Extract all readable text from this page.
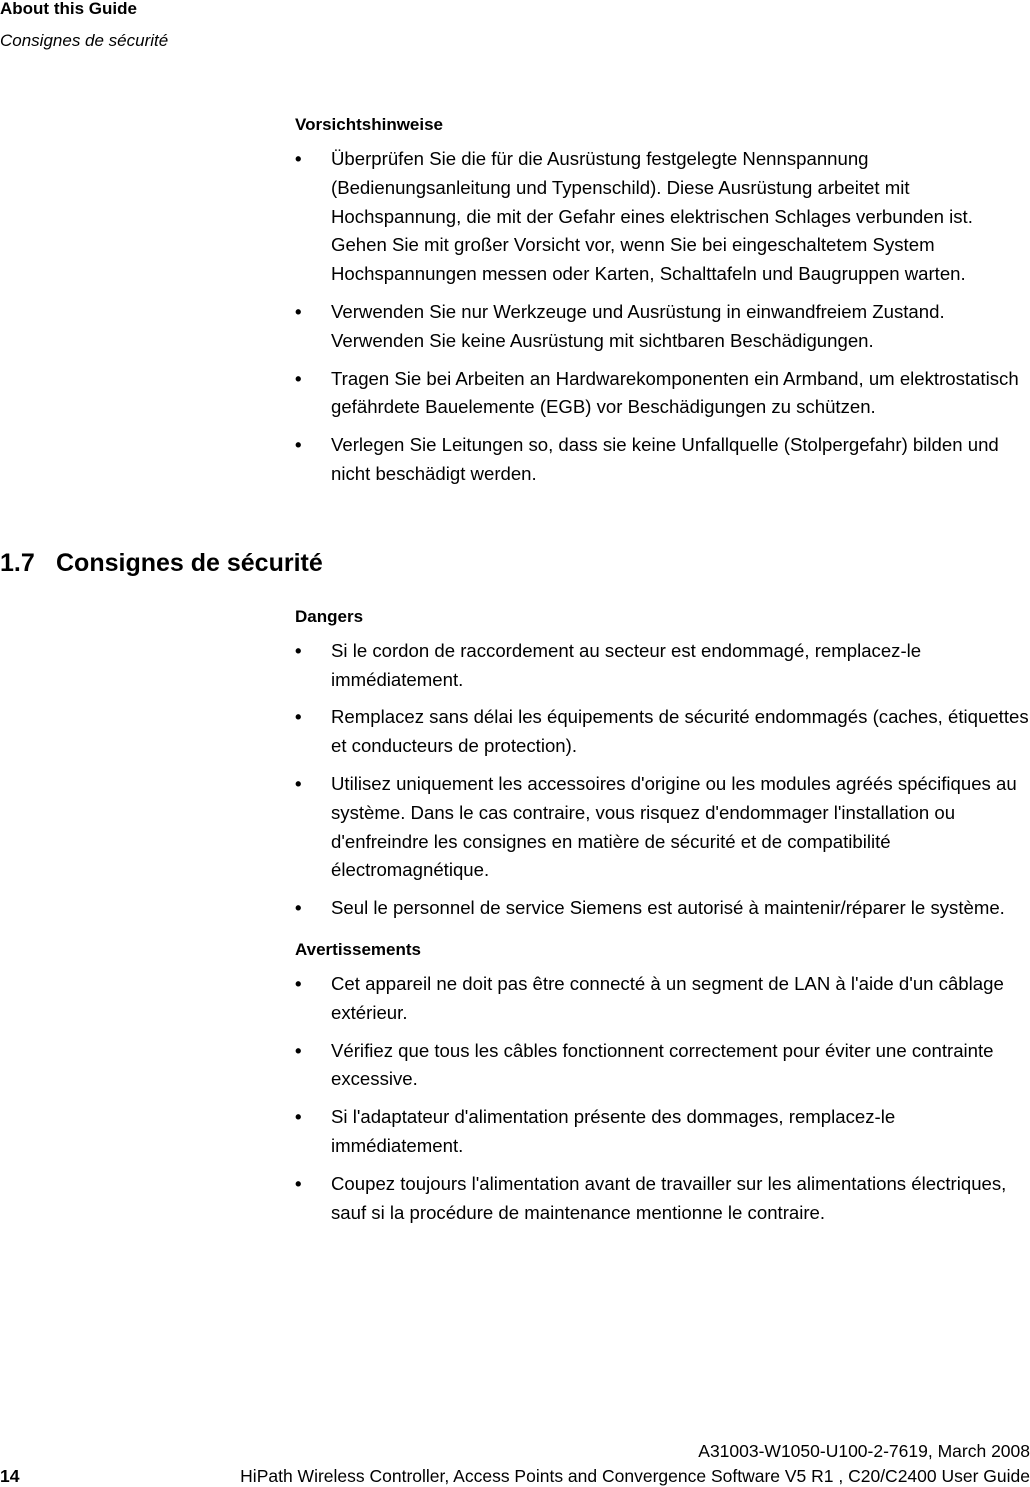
About this Guide
Consignes de sécurité
Vorsichtshinweise
• Überprüfen Sie die für die Ausrüstung festgelegte Nennspannung (Bedienungsanleitung und Typenschild). Diese Ausrüstung arbeitet mit Hochspannung, die mit der Gefahr eines elektrischen Schlages verbunden ist. Gehen Sie mit großer Vorsicht vor, wenn Sie bei eingeschaltetem System Hochspannungen messen oder Karten, Schalttafeln und Baugruppen warten.
• Verwenden Sie nur Werkzeuge und Ausrüstung in einwandfreiem Zustand. Verwenden Sie keine Ausrüstung mit sichtbaren Beschädigungen.
• Tragen Sie bei Arbeiten an Hardwarekomponenten ein Armband, um elektrostatisch gefährdete Bauelemente (EGB) vor Beschädigungen zu schützen.
• Verlegen Sie Leitungen so, dass sie keine Unfallquelle (Stolpergefahr) bilden und nicht beschädigt werden.
1.7 Consignes de sécurité
Dangers
• Si le cordon de raccordement au secteur est endommagé, remplacez-le immédiatement.
• Remplacez sans délai les équipements de sécurité endommagés (caches, étiquettes et conducteurs de protection).
• Utilisez uniquement les accessoires d'origine ou les modules agréés spécifiques au système. Dans le cas contraire, vous risquez d'endommager l'installation ou d'enfreindre les consignes en matière de sécurité et de compatibilité électromagnétique.
• Seul le personnel de service Siemens est autorisé à maintenir/réparer le système.
Avertissements
• Cet appareil ne doit pas être connecté à un segment de LAN à l'aide d'un câblage extérieur.
• Vérifiez que tous les câbles fonctionnent correctement pour éviter une contrainte excessive.
• Si l'adaptateur d'alimentation présente des dommages, remplacez-le immédiatement.
• Coupez toujours l'alimentation avant de travailler sur les alimentations électriques, sauf si la procédure de maintenance mentionne le contraire.
A31003-W1050-U100-2-7619, March 2008
14	HiPath Wireless Controller, Access Points and Convergence Software V5 R1 , C20/C2400 User Guide
